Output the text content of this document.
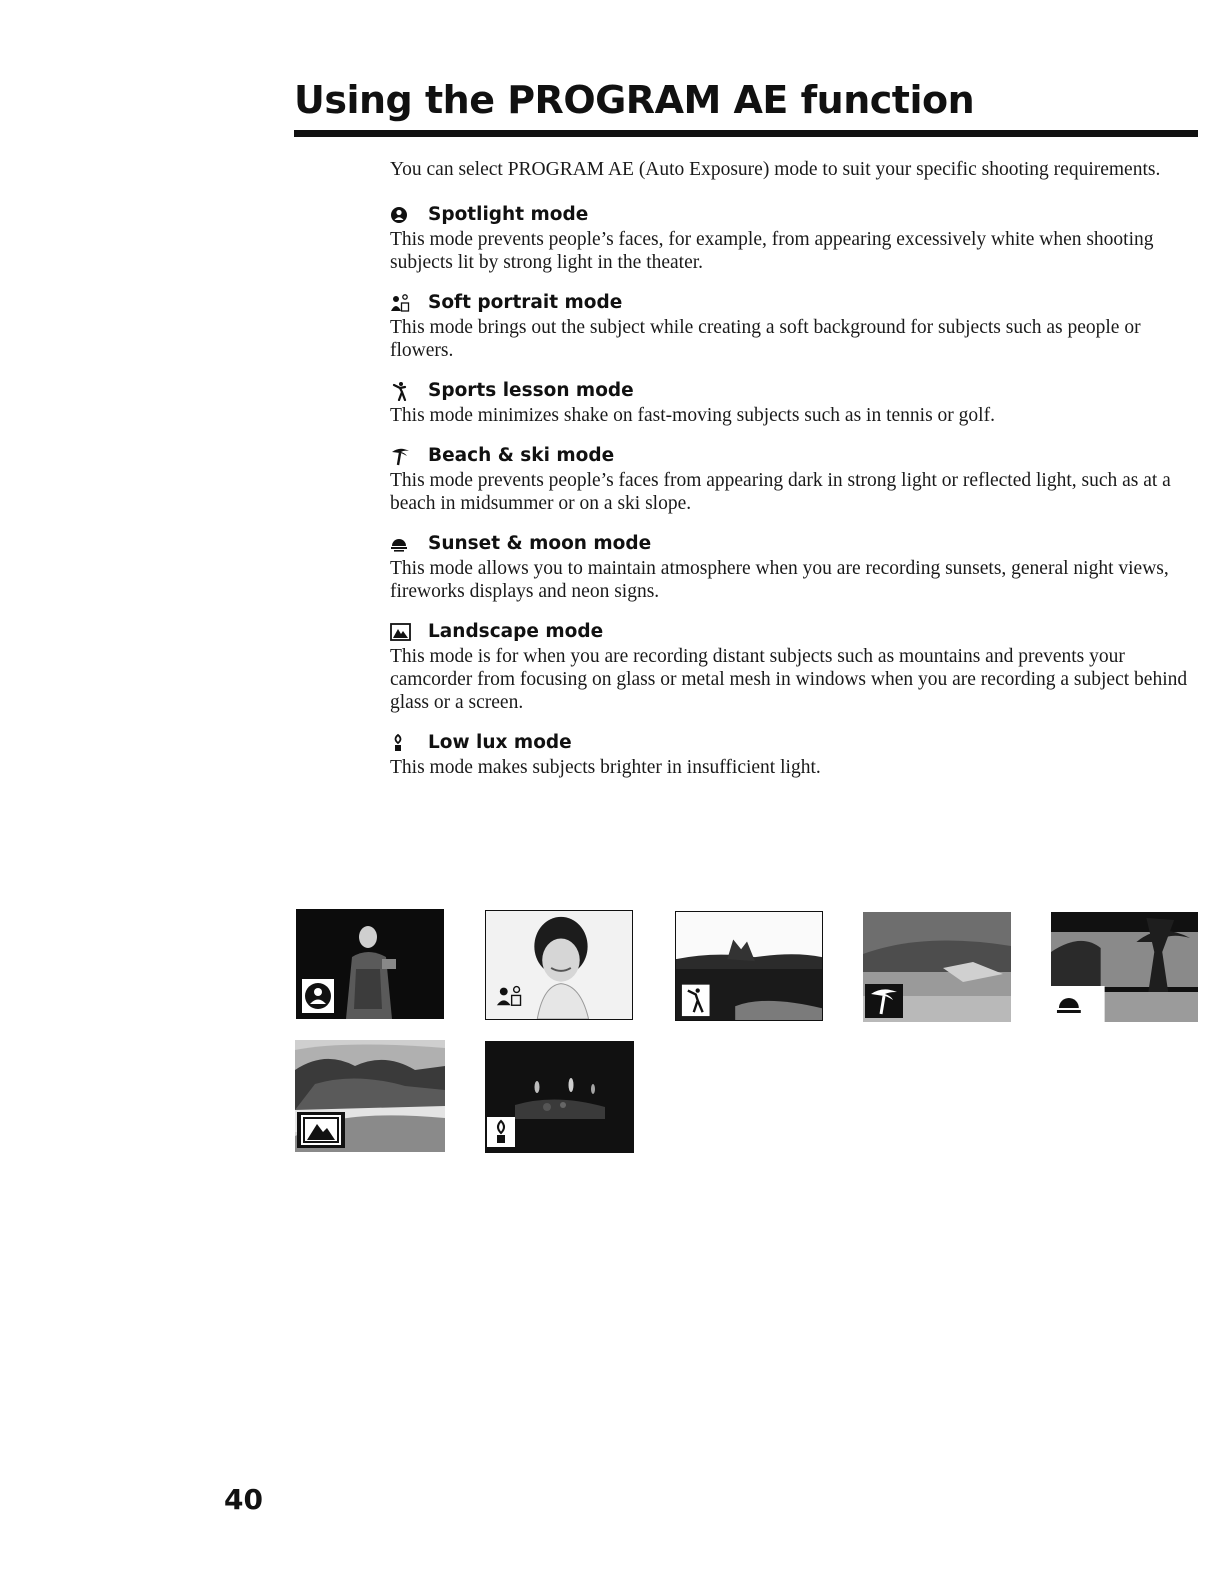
Using the PROGRAM AE function

You can select PROGRAM AE (Auto Exposure) mode to suit your specific shooting requirements.

Spotlight mode

This mode prevents people’s faces, for example, from appearing excessively white when shooting subjects lit by strong light in the theater.

Soft portrait mode

This mode brings out the subject while creating a soft background for subjects such as people or flowers.

Sports lesson mode

This mode minimizes shake on fast-moving subjects such as in tennis or golf.

Beach & ski mode

This mode prevents people’s faces from appearing dark in strong light or reflected light, such as at a beach in midsummer or on a ski slope.

Sunset & moon mode

This mode allows you to maintain atmosphere when you are recording sunsets, general night views, fireworks displays and neon signs.

Landscape mode

This mode is for when you are recording distant subjects such as mountains and prevents your camcorder from focusing on glass or metal mesh in windows when you are recording a subject behind glass or a screen.

Low lux mode

This mode makes subjects brighter in insufficient light.

40
